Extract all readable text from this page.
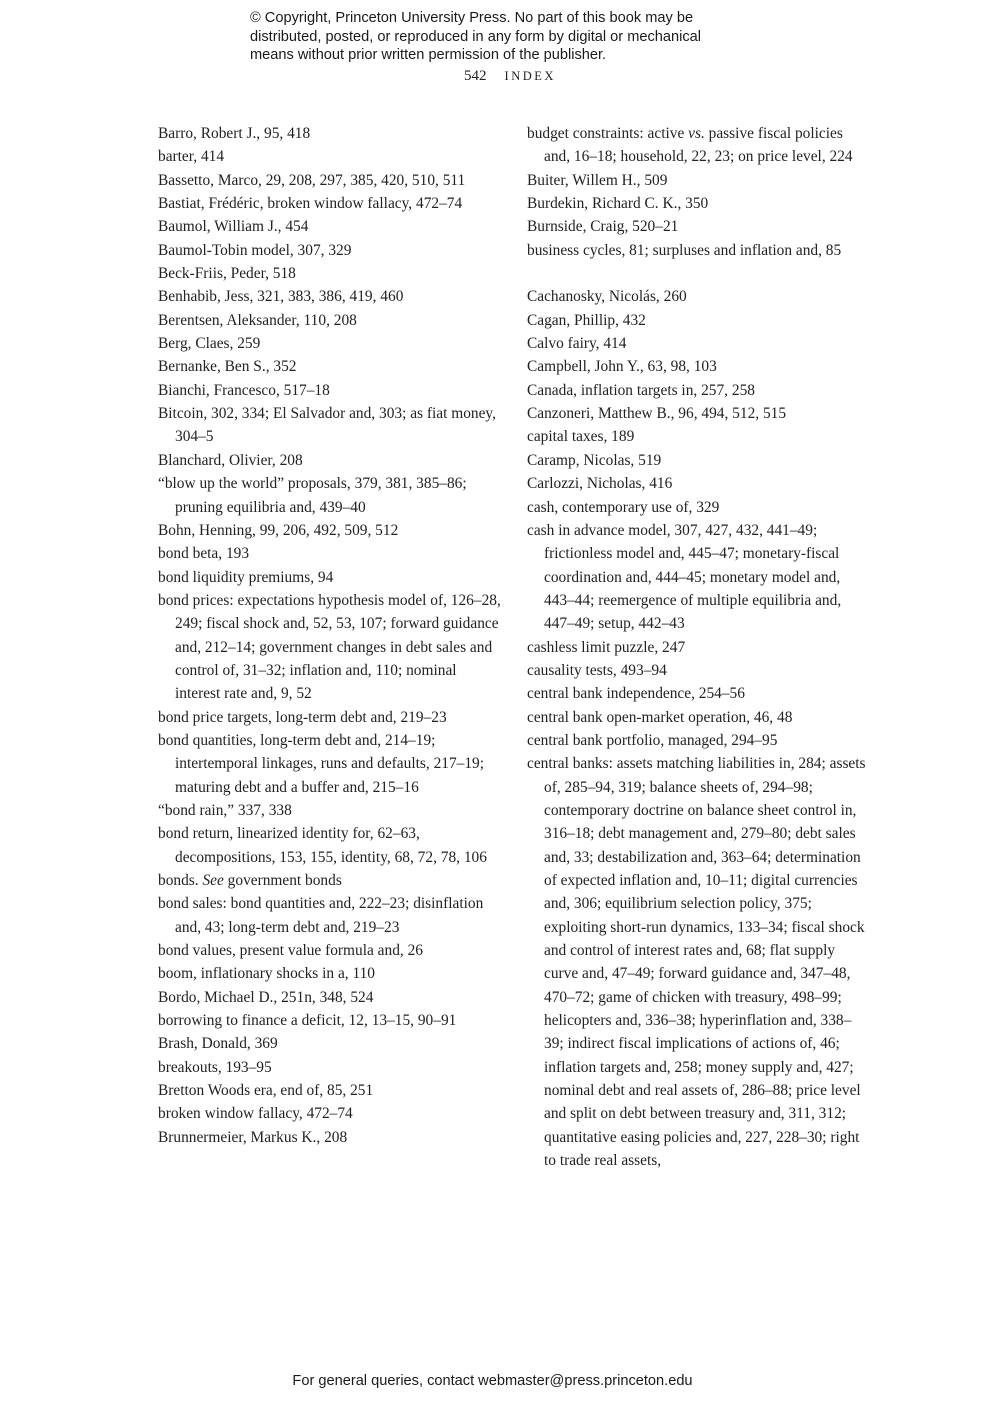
© Copyright, Princeton University Press. No part of this book may be
distributed, posted, or reproduced in any form by digital or mechanical
means without prior written permission of the publisher.
542 INDEX

Barro, Robert J., 95, 418

barter, 414

Bassetto, Marco, 29, 208, 297, 385, 420, 510, 511

Bastiat, Frédéric, broken window fallacy, 472–74

Baumol, William J., 454

Baumol-Tobin model, 307, 329

Beck-Friis, Peder, 518

Benhabib, Jess, 321, 383, 386, 419, 460

Berentsen, Aleksander, 110, 208

Berg, Claes, 259

Bernanke, Ben S., 352

Bianchi, Francesco, 517–18

Bitcoin, 302, 334; El Salvador and, 303; as fiat money, 304–5

Blanchard, Olivier, 208

“blow up the world” proposals, 379, 381, 385–86; pruning equilibria and, 439–40

Bohn, Henning, 99, 206, 492, 509, 512

bond beta, 193

bond liquidity premiums, 94

bond prices: expectations hypothesis model of, 126–28, 249; fiscal shock and, 52, 53, 107; forward guidance and, 212–14; government changes in debt sales and control of, 31–32; inflation and, 110; nominal interest rate and, 9, 52

bond price targets, long-term debt and, 219–23

bond quantities, long-term debt and, 214–19; intertemporal linkages, runs and defaults, 217–19; maturing debt and a buffer and, 215–16

“bond rain,” 337, 338

bond return, linearized identity for, 62–63, decompositions, 153, 155, identity, 68, 72, 78, 106

bonds. See government bonds

bond sales: bond quantities and, 222–23; disinflation and, 43; long-term debt and, 219–23

bond values, present value formula and, 26

boom, inflationary shocks in a, 110

Bordo, Michael D., 251n, 348, 524

borrowing to finance a deficit, 12, 13–15, 90–91

Brash, Donald, 369

breakouts, 193–95

Bretton Woods era, end of, 85, 251

broken window fallacy, 472–74

Brunnermeier, Markus K., 208

budget constraints: active vs. passive fiscal policies and, 16–18; household, 22, 23; on price level, 224

Buiter, Willem H., 509

Burdekin, Richard C. K., 350

Burnside, Craig, 520–21

business cycles, 81; surpluses and inflation and, 85

Cachanosky, Nicolás, 260

Cagan, Phillip, 432

Calvo fairy, 414

Campbell, John Y., 63, 98, 103

Canada, inflation targets in, 257, 258

Canzoneri, Matthew B., 96, 494, 512, 515

capital taxes, 189

Caramp, Nicolas, 519

Carlozzi, Nicholas, 416

cash, contemporary use of, 329

cash in advance model, 307, 427, 432, 441–49; frictionless model and, 445–47; monetary-fiscal coordination and, 444–45; monetary model and, 443–44; reemergence of multiple equilibria and, 447–49; setup, 442–43

cashless limit puzzle, 247

causality tests, 493–94

central bank independence, 254–56

central bank open-market operation, 46, 48

central bank portfolio, managed, 294–95

central banks: assets matching liabilities in, 284; assets of, 285–94, 319; balance sheets of, 294–98; contemporary doctrine on balance sheet control in, 316–18; debt management and, 279–80; debt sales and, 33; destabilization and, 363–64; determination of expected inflation and, 10–11; digital currencies and, 306; equilibrium selection policy, 375; exploiting short-run dynamics, 133–34; fiscal shock and control of interest rates and, 68; flat supply curve and, 47–49; forward guidance and, 347–48, 470–72; game of chicken with treasury, 498–99; helicopters and, 336–38; hyperinflation and, 338–39; indirect fiscal implications of actions of, 46; inflation targets and, 258; money supply and, 427; nominal debt and real assets of, 286–88; price level and split on debt between treasury and, 311, 312; quantitative easing policies and, 227, 228–30; right to trade real assets,

For general queries, contact webmaster@press.princeton.edu
